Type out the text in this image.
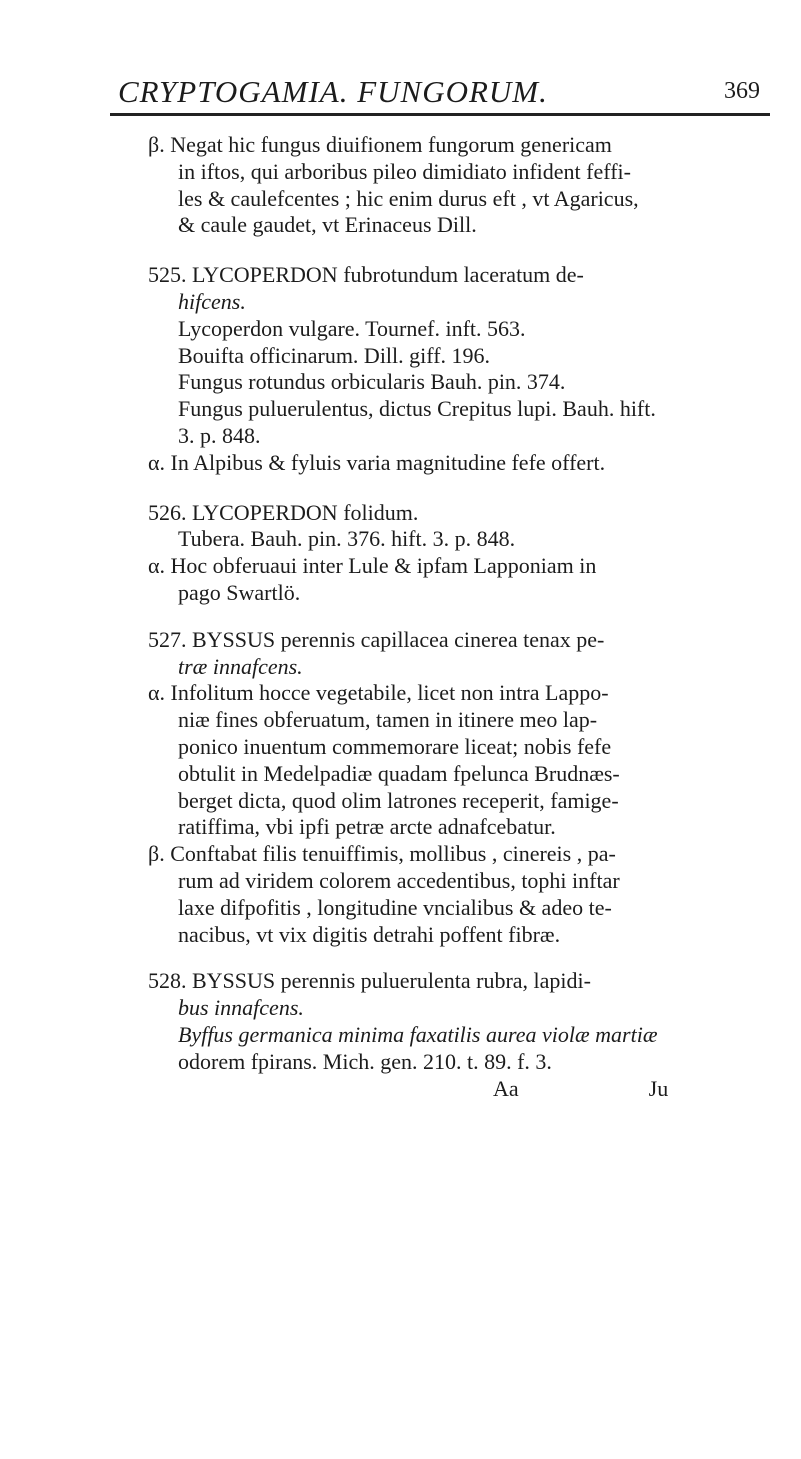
CRYPTOGAMIA. FUNGORUM.	369
β. Negat hic fungus diuifionem fungorum genericam
in iftos, qui arboribus pileo dimidiato infident feffi-
les & caulefcentes ; hic enim durus eft , vt Agaricus,
& caule gaudet, vt Erinaceus Dill.
525. LYCOPERDON fubrotundum laceratum de-
hifcens.
Lycoperdon vulgare. Tournef. inft. 563.
Bouifta officinarum. Dill. giff. 196.
Fungus rotundus orbicularis Bauh. pin. 374.
Fungus puluerulentus, dictus Crepitus lupi. Bauh. hift.
3. p. 848.
α. In Alpibus & fyluis varia magnitudine fefe offert.
526. LYCOPERDON folidum.
Tubera. Bauh. pin. 376. hift. 3. p. 848.
α. Hoc obferuaui inter Lule & ipfam Lapponiam in
pago Swartlö.
527. BYSSUS perennis capillacea cinerea tenax pe-
træ innafcens.
α. Infolitum hocce vegetabile, licet non intra Lappo-
niæ fines obferuatum, tamen in itinere meo lap-
ponico inuentum commemorare liceat; nobis fefe
obtulit in Medelpadiæ quadam fpelunca Brudnæs-
berget dicta, quod olim latrones receperit, famige-
ratiffima, vbi ipfi petræ arcte adnafcebatur.
β. Conftabat filis tenuiffimis, mollibus , cinereis , pa-
rum ad viridem colorem accedentibus, tophi inftar
laxe difpofitis , longitudine vncialibus & adeo te-
nacibus, vt vix digitis detrahi poffent fibræ.
528. BYSSUS perennis puluerulenta rubra, lapidi-
bus innafcens.
Byffus germanica minima faxatilis aurea violæ martiæ
odorem fpirans. Mich. gen. 210. t. 89. f. 3.
Aa	Ju
